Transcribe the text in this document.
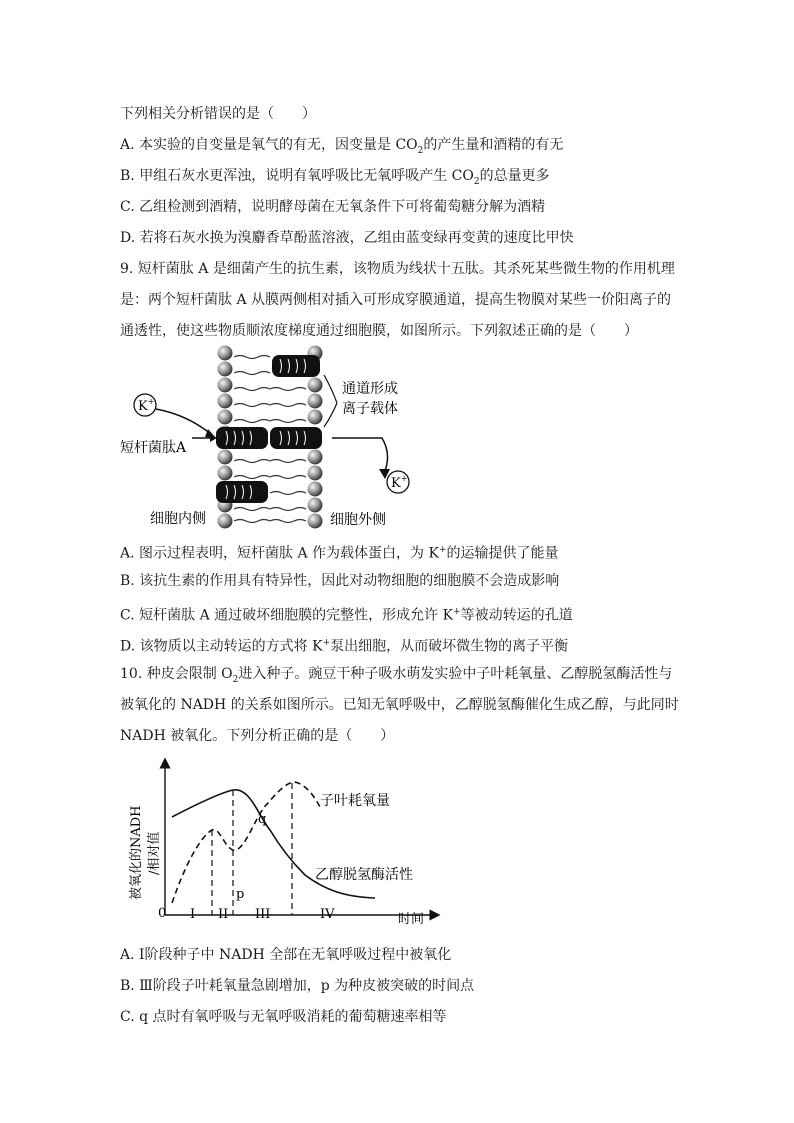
下列相关分析错误的是（　　）
A. 本实验的自变量是氧气的有无，因变量是 $CO_2$的产生量和酒精的有无
B. 甲组石灰水更浑浊，说明有氧呼吸比无氧呼吸产生 $CO_2$的总量更多
C. 乙组检测到酒精，说明酵母菌在无氧条件下可将葡萄糖分解为酒精
D. 若将石灰水换为溴麝香草酚蓝溶液，乙组由蓝变绿再变黄的速度比甲快
9. 短杆菌肽 A 是细菌产生的抗生素，该物质为线状十五肽。其杀死某些微生物的作用机理
是：两个短杆菌肽 A 从膜两侧相对插入可形成穿膜通道，提高生物膜对某些一价阳离子的
通透性，使这些物质顺浓度梯度通过细胞膜，如图所示。下列叙述正确的是（　　）
K+
K+
通道形成
离子载体
短杆菌肽A
细胞内侧	细胞外侧
A. 图示过程表明，短杆菌肽 A 作为载体蛋白，为 K+的运输提供了能量
B. 该抗生素的作用具有特异性，因此对动物细胞的细胞膜不会造成影响
C. 短杆菌肽 A 通过破坏细胞膜的完整性，形成允许 K+等被动转运的孔道
D. 该物质以主动转运的方式将 K+泵出细胞，从而破坏微生物的离子平衡
10. 种皮会限制 $O_2$进入种子。豌豆干种子吸水萌发实验中子叶耗氧量、乙醇脱氢酶活性与
被氧化的 NADH 的关系如图所示。已知无氧呼吸中，乙醇脱氢酶催化生成乙醇，与此同时
NADH 被氧化。下列分析正确的是（　　）
被氧化的NADH /相对值
0	时间
I II III	IV
q
p
子叶耗氧量
乙醇脱氢酶活性
A. Ⅰ阶段种子中 NADH 全部在无氧呼吸过程中被氧化
B. Ⅲ阶段子叶耗氧量急剧增加，p 为种皮被突破的时间点
C. q 点时有氧呼吸与无氧呼吸消耗的葡萄糖速率相等
